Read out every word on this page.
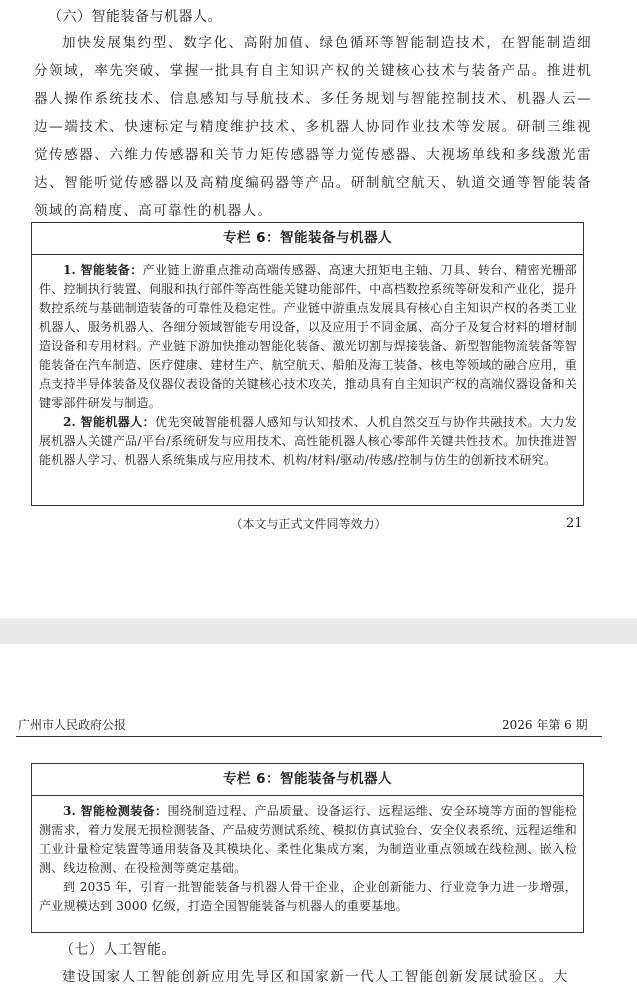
（六）智能装备与机器人。

加快发展集约型、数字化、高附加值、绿色循环等智能制造技术，在智能制造细分领域，率先突破、掌握一批具有自主知识产权的关键核心技术与装备产品。推进机器人操作系统技术、信息感知与导航技术、多任务规划与智能控制技术、机器人云—边—端技术、快速标定与精度维护技术、多机器人协同作业技术等发展。研制三维视觉传感器、六维力传感器和关节力矩传感器等力觉传感器、大视场单线和多线激光雷达、智能听觉传感器以及高精度编码器等产品。研制航空航天、轨道交通等智能装备领域的高精度、高可靠性的机器人。

专栏 6：智能装备与机器人

1. 智能装备：产业链上游重点推动高端传感器、高速大扭矩电主轴、刀具、转台、精密光栅部件、控制执行装置、伺服和执行部件等高性能关键功能部件、中高档数控系统等研发和产业化，提升数控系统与基础制造装备的可靠性及稳定性。产业链中游重点发展具有核心自主知识产权的各类工业机器人、服务机器人、各细分领域智能专用设备，以及应用于不同金属、高分子及复合材料的增材制造设备和专用材料。产业链下游加快推动智能化装备、激光切割与焊接装备、新型智能物流装备等智能装备在汽车制造、医疗健康、建材生产、航空航天、船舶及海工装备、核电等领域的融合应用，重点支持半导体装备及仪器仪表设备的关键核心技术攻关，推动具有自主知识产权的高端仪器设备和关键零部件研发与制造。

2. 智能机器人：优先突破智能机器人感知与认知技术、人机自然交互与协作共融技术。大力发展机器人关键产品/平台/系统研发与应用技术、高性能机器人核心零部件关键共性技术。加快推进智能机器人学习、机器人系统集成与应用技术、机构/材料/驱动/传感/控制与仿生的创新技术研究。

（本文与正式文件同等效力）	21
广州市人民政府公报	2026 年第 6 期
专栏 6：智能装备与机器人

3. 智能检测装备：围绕制造过程、产品质量、设备运行、远程运维、安全环境等方面的智能检测需求，着力发展无损检测装备、产品疲劳测试系统、模拟仿真试验台、安全仪表系统、远程运维和工业计量检定装置等通用装备及其模块化、柔性化集成方案，为制造业重点领域在线检测、嵌入检测、线边检测、在役检测等奠定基础。

到 2035 年，引育一批智能装备与机器人骨干企业，企业创新能力、行业竞争力进一步增强，产业规模达到 3000 亿级，打造全国智能装备与机器人的重要基地。

（七）人工智能。

建设国家人工智能创新应用先导区和国家新一代人工智能创新发展试验区。大
